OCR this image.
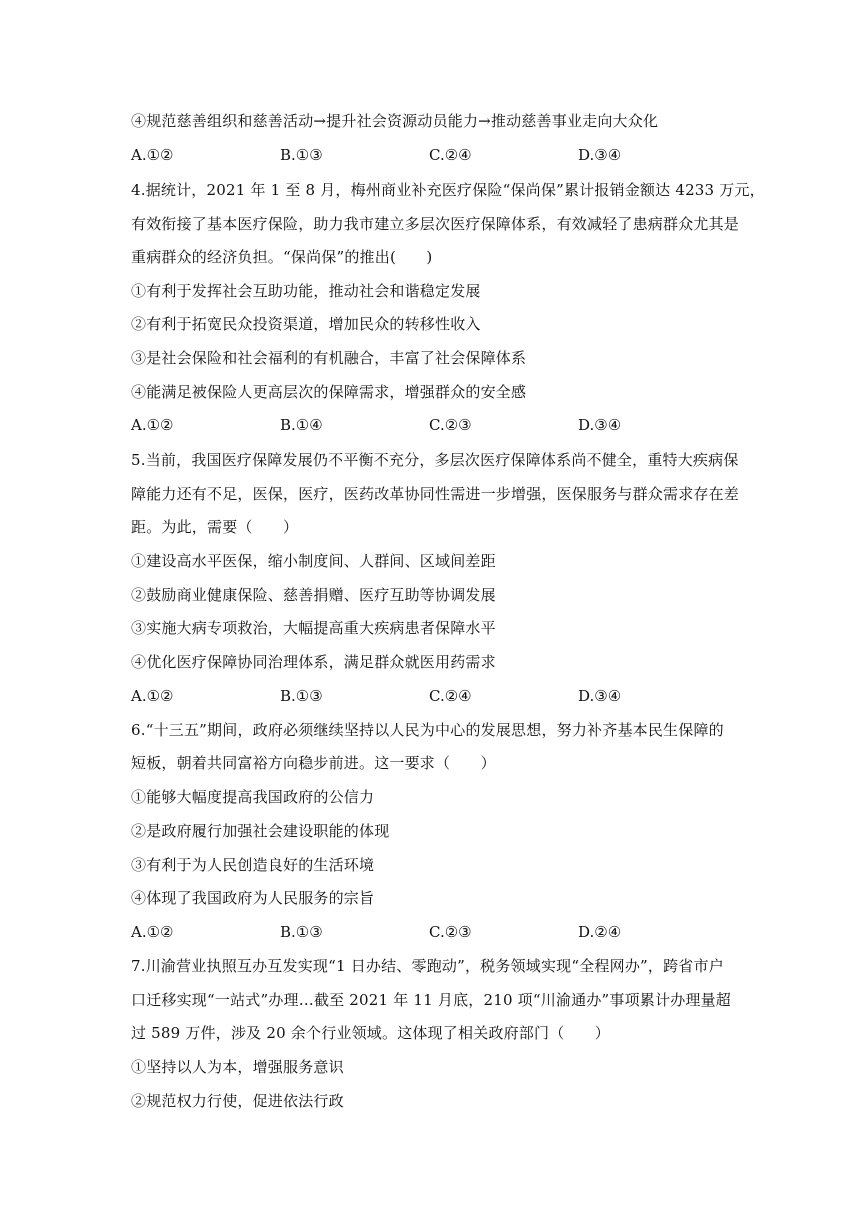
④规范慈善组织和慈善活动→提升社会资源动员能力→推动慈善事业走向大众化
A.①②	B.①③	C.②④	D.③④
4.据统计，2021 年 1 至 8 月，梅州商业补充医疗保险“保尚保”累计报销金额达 4233 万元，
有效衔接了基本医疗保险，助力我市建立多层次医疗保障体系，有效减轻了患病群众尤其是
重病群众的经济负担。“保尚保”的推出(　　)
①有利于发挥社会互助功能，推动社会和谐稳定发展
②有利于拓宽民众投资渠道，增加民众的转移性收入
③是社会保险和社会福利的有机融合，丰富了社会保障体系
④能满足被保险人更高层次的保障需求，增强群众的安全感
A.①②	B.①④	C.②③	D.③④
5.当前，我国医疗保障发展仍不平衡不充分，多层次医疗保障体系尚不健全，重特大疾病保
障能力还有不足，医保，医疗，医药改革协同性需进一步增强，医保服务与群众需求存在差
距。为此，需要（　　）
①建设高水平医保，缩小制度间、人群间、区域间差距
②鼓励商业健康保险、慈善捐赠、医疗互助等协调发展
③实施大病专项救治，大幅提高重大疾病患者保障水平
④优化医疗保障协同治理体系，满足群众就医用药需求
A.①②	B.①③	C.②④	D.③④
6.“十三五”期间，政府必须继续坚持以人民为中心的发展思想，努力补齐基本民生保障的
短板，朝着共同富裕方向稳步前进。这一要求（　　）
①能够大幅度提高我国政府的公信力
②是政府履行加强社会建设职能的体现
③有利于为人民创造良好的生活环境
④体现了我国政府为人民服务的宗旨
A.①②	B.①③	C.②③	D.②④
7.川渝营业执照互办互发实现“1 日办结、零跑动”，税务领域实现“全程网办”，跨省市户
口迁移实现“一站式”办理…截至 2021 年 11 月底，210 项“川渝通办”事项累计办理量超
过 589 万件，涉及 20 余个行业领域。这体现了相关政府部门（　　）
①坚持以人为本，增强服务意识
②规范权力行使，促进依法行政
